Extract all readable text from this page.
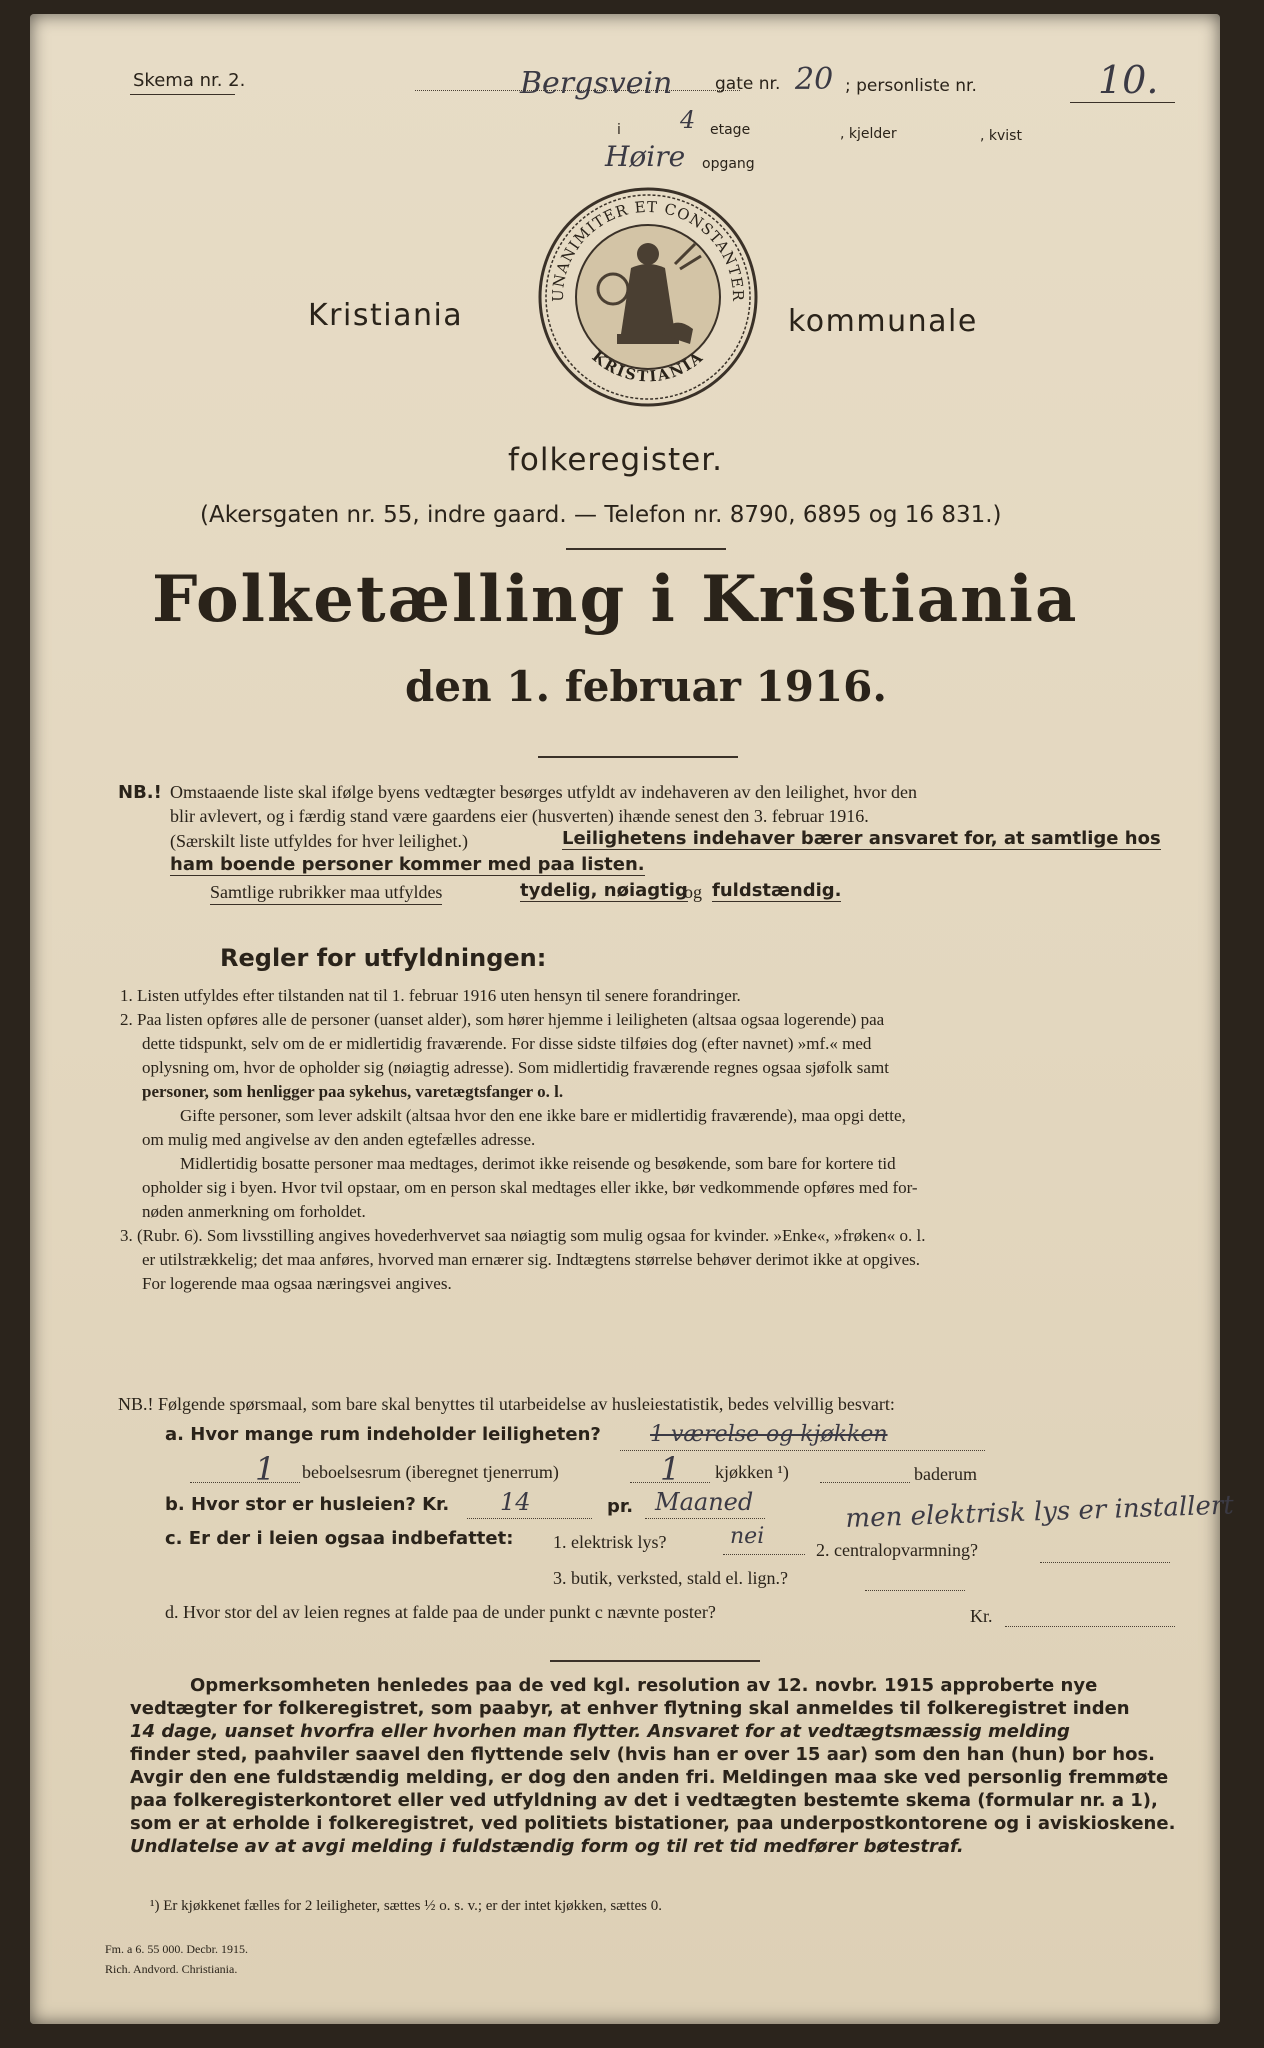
Skema nr. 2.	Bergsvein	gate nr. 20 ; personliste nr.	10.
i 4 etage	, kjelder	, kvist
Høire opgang
UNANIMITER ET CONSTANTER
KRISTIANIA
Kristiania	kommunale
folkeregister.
(Akersgaten nr. 55, indre gaard. — Telefon nr. 8790, 6895 og 16 831.)
Folketælling i Kristiania
den 1. februar 1916.
NB.! Omstaaende liste skal ifølge byens vedtægter besørges utfyldt av indehaveren av den leilighet, hvor den

blir avlevert, og i færdig stand være gaardens eier (husverten) ihænde senest den 3. februar 1916.

(Særskilt liste utfyldes for hver leilighet.)	Leilighetens indehaver bærer ansvaret for, at samtlige hos
ham boende personer kommer med paa listen.
Samtlige rubrikker maa utfyldes	tydelig, nøiagtig
og fuldstændig.
Regler for utfyldningen:

1. Listen utfyldes efter tilstanden nat til 1. februar 1916 uten hensyn til senere forandringer.

2. Paa listen opføres alle de personer (uanset alder), som hører hjemme i leiligheten (altsaa ogsaa logerende) paa

dette tidspunkt, selv om de er midlertidig fraværende. For disse sidste tilføies dog (efter navnet) »mf.« med

oplysning om, hvor de opholder sig (nøiagtig adresse). Som midlertidig fraværende regnes ogsaa sjøfolk samt

personer, som henligger paa sykehus, varetægtsfanger o. l.

Gifte personer, som lever adskilt (altsaa hvor den ene ikke bare er midlertidig fraværende), maa opgi dette,

om mulig med angivelse av den anden egtefælles adresse.

Midlertidig bosatte personer maa medtages, derimot ikke reisende og besøkende, som bare for kortere tid

opholder sig i byen. Hvor tvil opstaar, om en person skal medtages eller ikke, bør vedkommende opføres med for-

nøden anmerkning om forholdet.

3. (Rubr. 6). Som livsstilling angives hovederhvervet saa nøiagtig som mulig ogsaa for kvinder. »Enke«, »frøken« o. l.

er utilstrækkelig; det maa anføres, hvorved man ernærer sig. Indtægtens størrelse behøver derimot ikke at opgives.

For logerende maa ogsaa næringsvei angives.

NB.! Følgende spørsmaal, som bare skal benyttes til utarbeidelse av husleiestatistik, bedes velvillig besvart:
a. Hvor mange rum indeholder leiligheten? 1 værelse og kjøkken
1 beboelsesrum (iberegnet tjenerrum)	1 kjøkken ¹)	baderum
b. Hvor stor er husleien? Kr. 14	pr. Maaned
c. Er der i leien ogsaa indbefattet: 1. elektrisk lys?	nei
2. centralopvarmning?
men elektrisk lys er installert
3. butik, verksted, stald el. lign.?
d. Hvor stor del av leien regnes at falde paa de under punkt c nævnte poster?	Kr.

Opmerksomheten henledes paa de ved kgl. resolution av 12. novbr. 1915 approberte nye

vedtægter for folkeregistret, som paabyr, at enhver flytning skal anmeldes til folkeregistret inden

14 dage, uanset hvorfra eller hvorhen man flytter. Ansvaret for at vedtægtsmæssig melding

finder sted, paahviler saavel den flyttende selv (hvis han er over 15 aar) som den han (hun) bor hos.

Avgir den ene fuldstændig melding, er dog den anden fri. Meldingen maa ske ved personlig fremmøte

paa folkeregisterkontoret eller ved utfyldning av det i vedtægten bestemte skema (formular nr. a 1),

som er at erholde i folkeregistret, ved politiets bistationer, paa underpostkontorene og i aviskioskene.

Undlatelse av at avgi melding i fuldstændig form og til ret tid medfører bøtestraf.

¹) Er kjøkkenet fælles for 2 leiligheter, sættes ½ o. s. v.; er der intet kjøkken, sættes 0.
Fm. a 6. 55 000. Decbr. 1915.
Rich. Andvord. Christiania.
